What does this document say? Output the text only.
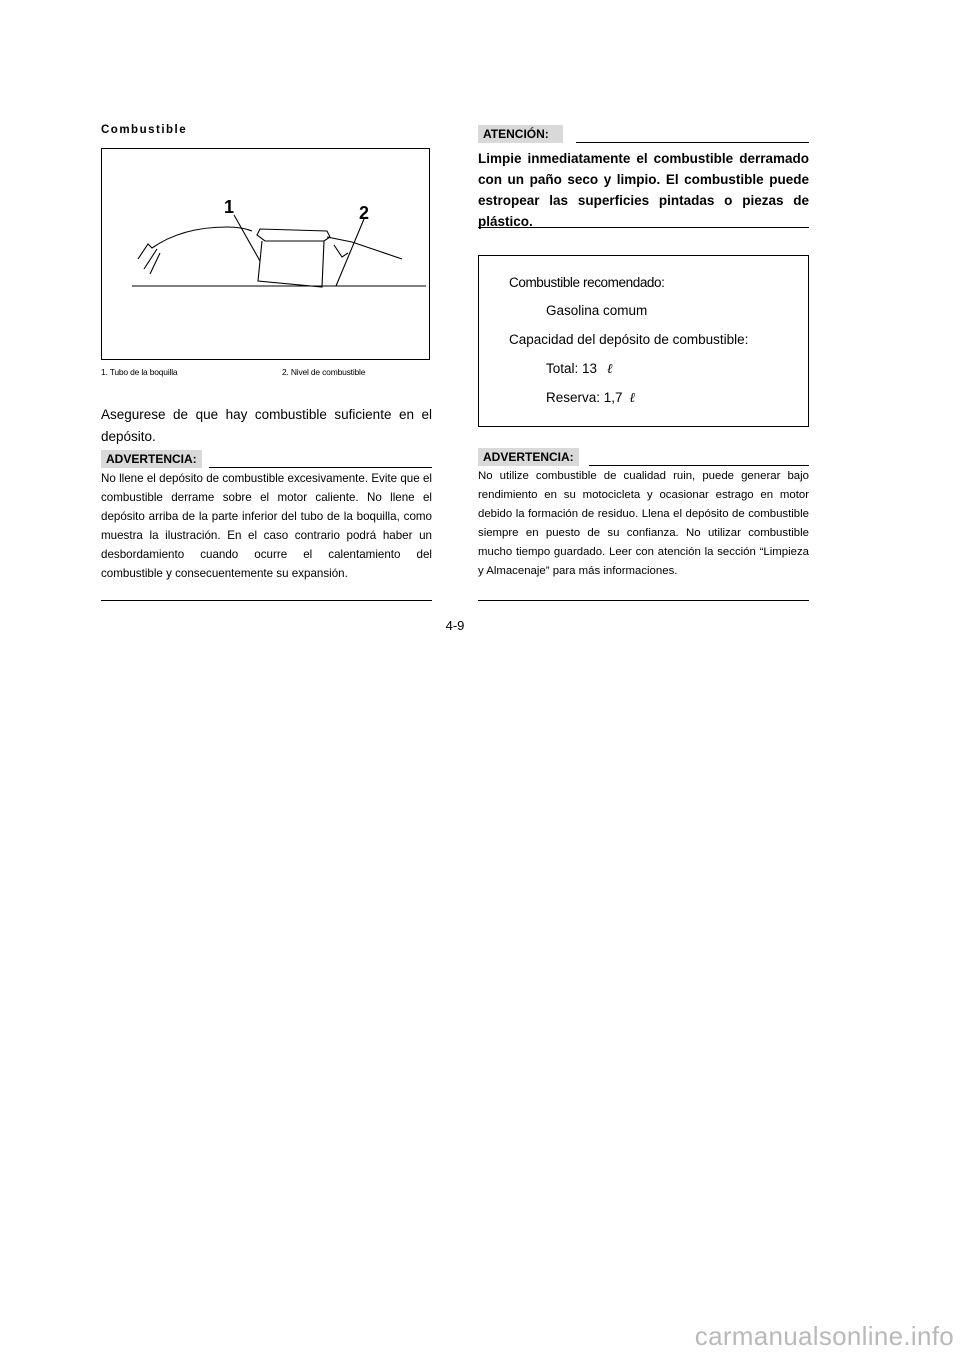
Combustible
1	2
1. Tubo de la boquilla	2. Nivel de combustible
Asegurese de que hay combustible suficiente en el depósito.
ADVERTENCIA:
No llene el depósito de combustible excesivamente. Evite que el combustible derrame sobre el motor caliente. No llene el depósito arriba de la parte inferior del tubo de la boquilla, como muestra la ilustración. En el caso contrario podrá haber un desbordamiento cuando ocurre el calentamiento del combustible y consecuentemente su expansión.
ATENCIÓN:
Limpie inmediatamente el combustible derramado con un paño seco y limpio. El combustible puede estropear las superficies pintadas o piezas de plástico.
Combustible recomendado:
Gasolina comum
Capacidad del depósito de combustible:
Total: 13 ℓ
Reserva: 1,7 ℓ
ADVERTENCIA:
No utilize combustible de cualidad ruin, puede generar bajo rendimiento en su motocicleta y ocasionar estrago en motor debido la formación de residuo. Llena el depósito de combustible siempre en puesto de su confianza. No utilizar combustible mucho tiempo guardado. Leer con atención la sección “Limpieza y Almacenaje” para más informaciones.
4-9
carmanualsonline.info
